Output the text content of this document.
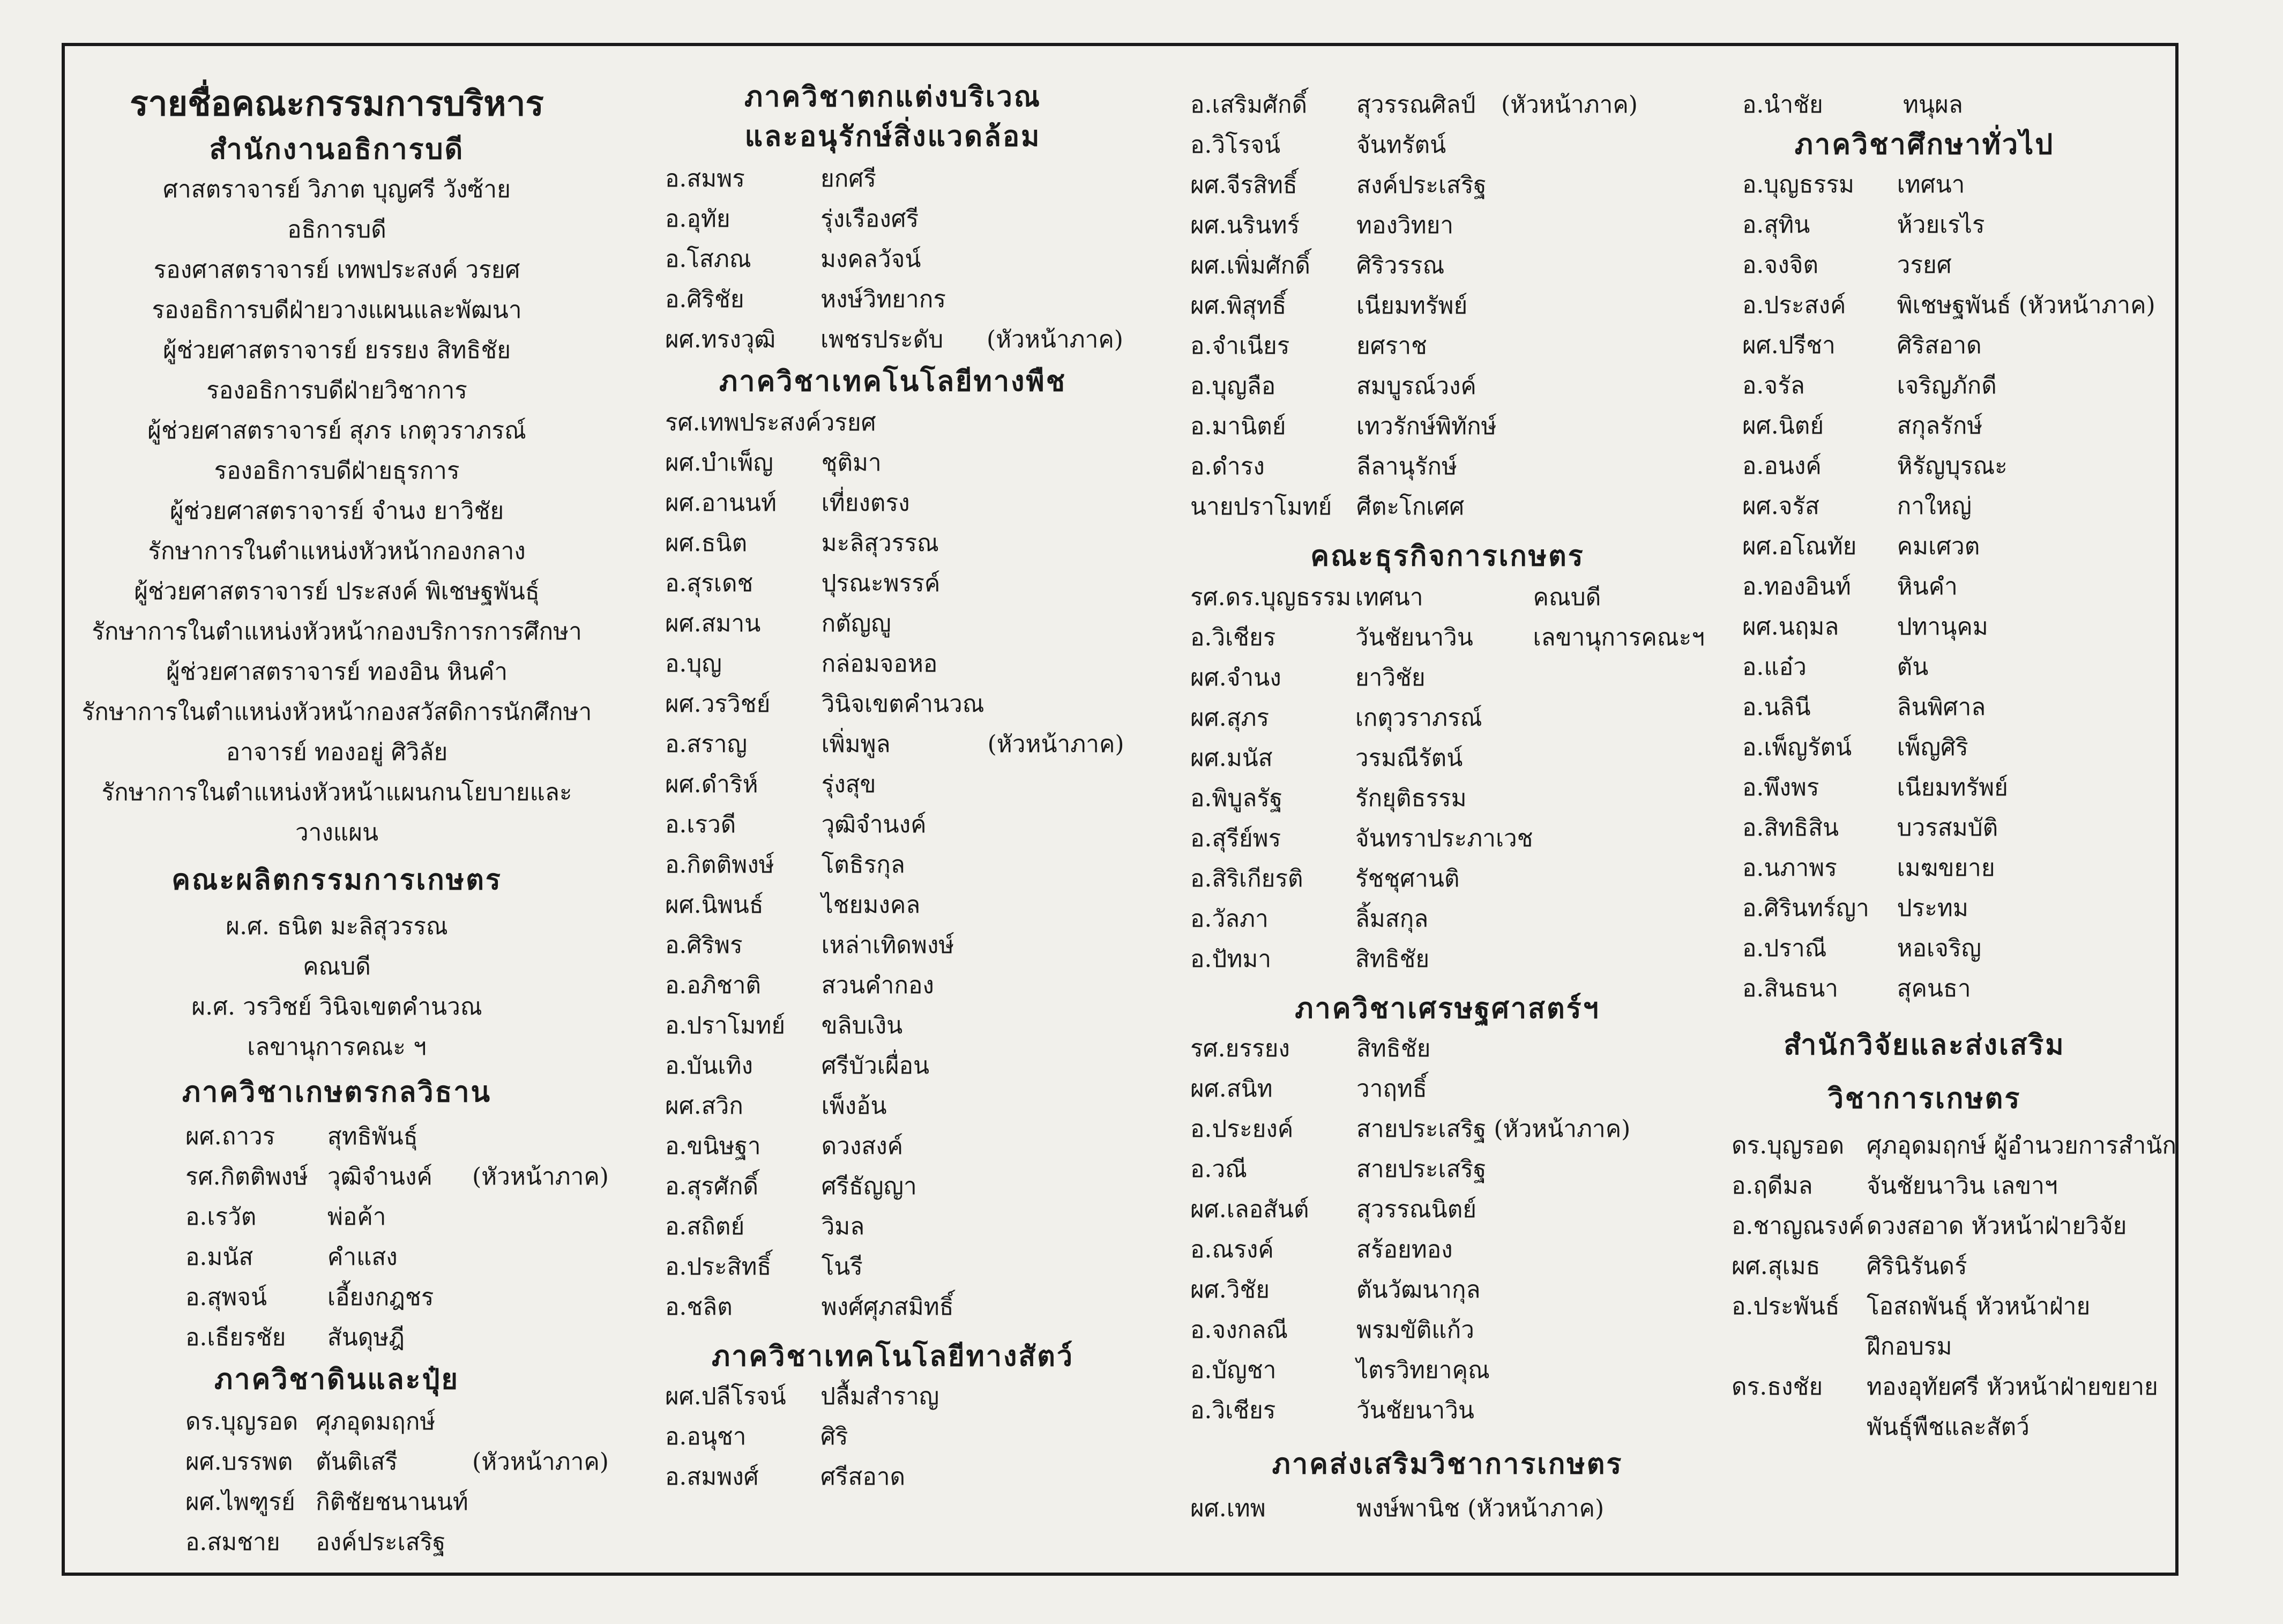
รายชื่อคณะกรรมการบริหาร

สำนักงานอธิการบดี

ศาสตราจารย์ วิภาต บุญศรี วังซ้าย

อธิการบดี

รองศาสตราจารย์ เทพประสงค์ วรยศ

รองอธิการบดีฝ่ายวางแผนและพัฒนา

ผู้ช่วยศาสตราจารย์ ยรรยง สิทธิชัย

รองอธิการบดีฝ่ายวิชาการ

ผู้ช่วยศาสตราจารย์ สุภร เกตุวราภรณ์

รองอธิการบดีฝ่ายธุรการ

ผู้ช่วยศาสตราจารย์ จำนง ยาวิชัย

รักษาการในตำแหน่งหัวหน้ากองกลาง

ผู้ช่วยศาสตราจารย์ ประสงค์ พิเชษฐพันธุ์

รักษาการในตำแหน่งหัวหน้ากองบริการการศึกษา

ผู้ช่วยศาสตราจารย์ ทองอิน หินคำ

รักษาการในตำแหน่งหัวหน้ากองสวัสดิการนักศึกษา

อาจารย์ ทองอยู่ ศิวิลัย

รักษาการในตำแหน่งหัวหน้าแผนกนโยบายและวางแผน

คณะผลิตกรรมการเกษตร

ผ.ศ. ธนิต มะลิสุวรรณ

คณบดี

ผ.ศ. วรวิชย์ วินิจเขตคำนวณ

เลขานุการคณะ ฯ

ภาควิชาเกษตรกลวิธาน

ผศ.ถาวร	สุทธิพันธุ์	
รศ.กิตติพงษ์	วุฒิจำนงค์	(หัวหน้าภาค)
อ.เรวัต	พ่อค้า	
อ.มนัส	คำแสง	
อ.สุพจน์	เอี้ยงกฎชร	
อ.เธียรชัย	สันดุษฎี	

ภาควิชาดินและปุ๋ย

ดร.บุญรอด	ศุภอุดมฤกษ์	
ผศ.บรรพต	ตันติเสรี	(หัวหน้าภาค)
ผศ.ไพฑูรย์	กิติชัยชนานนท์	
อ.สมชาย	องค์ประเสริฐ	

ภาควิชาตกแต่งบริเวณ

และอนุรักษ์สิ่งแวดล้อม

อ.สมพร	ยกศรี	
อ.อุทัย	รุ่งเรืองศรี	
อ.โสภณ	มงคลวัจน์	
อ.ศิริชัย	หงษ์วิทยากร	
ผศ.ทรงวุฒิ	เพชรประดับ	(หัวหน้าภาค)

ภาควิชาเทคโนโลยีทางพืช

รศ.เทพประสงค์	วรยศ	
ผศ.บำเพ็ญ	ชุติมา	
ผศ.อานนท์	เที่ยงตรง	
ผศ.ธนิต	มะลิสุวรรณ	
อ.สุรเดช	ปุรณะพรรค์	
ผศ.สมาน	กตัญญู	
อ.บุญ	กล่อมจอหอ	
ผศ.วรวิชย์	วินิจเขตคำนวณ	
อ.สราญ	เพิ่มพูล	(หัวหน้าภาค)
ผศ.ดำริห์	รุ่งสุข	
อ.เรวดี	วุฒิจำนงค์	
อ.กิตติพงษ์	โตธิรกุล	
ผศ.นิพนธ์	ไชยมงคล	
อ.ศิริพร	เหล่าเทิดพงษ์	
อ.อภิชาติ	สวนคำกอง	
อ.ปราโมทย์	ขลิบเงิน	
อ.บันเทิง	ศรีบัวเผื่อน	
ผศ.สวิก	เพ็งอ้น	
อ.ขนิษฐา	ดวงสงค์	
อ.สุรศักดิ์	ศรีธัญญา	
อ.สถิตย์	วิมล	
อ.ประสิทธิ์	โนรี	
อ.ชลิต	พงศ์ศุภสมิทธิ์	

ภาควิชาเทคโนโลยีทางสัตว์

ผศ.ปลีโรจน์	ปลื้มสำราญ	
อ.อนุชา	ศิริ	
อ.สมพงศ์	ศรีสอาด	
อ.เสริมศักดิ์	สุวรรณศิลป์	(หัวหน้าภาค)
อ.วิโรจน์	จันทรัตน์	
ผศ.จีรสิทธิ์	สงค์ประเสริฐ	
ผศ.นรินทร์	ทองวิทยา	
ผศ.เพิ่มศักดิ์	ศิริวรรณ	
ผศ.พิสุทธิ์	เนียมทรัพย์	
อ.จำเนียร	ยศราช	
อ.บุญลือ	สมบูรณ์วงค์	
อ.มานิตย์	เทวรักษ์พิทักษ์	
อ.ดำรง	ลีลานุรักษ์	
นายปราโมทย์	ศีตะโกเศศ	

คณะธุรกิจการเกษตร

รศ.ดร.บุญธรรม	เทศนา	คณบดี
อ.วิเชียร	วันชัยนาวิน	เลขานุการคณะฯ
ผศ.จำนง	ยาวิชัย	
ผศ.สุภร	เกตุวราภรณ์	
ผศ.มนัส	วรมณีรัตน์	
อ.พิบูลรัฐ	รักยุติธรรม	
อ.สุรีย์พร	จันทราประภาเวช	
อ.สิริเกียรติ	รัชชุศานติ	
อ.วัลภา	ลิ้มสกุล	
อ.ปัทมา	สิทธิชัย	

ภาควิชาเศรษฐศาสตร์ฯ

รศ.ยรรยง	สิทธิชัย	
ผศ.สนิท	วาฤทธิ์	
อ.ประยงค์	สายประเสริฐ (หัวหน้าภาค)	
อ.วณี	สายประเสริฐ	
ผศ.เลอสันต์	สุวรรณนิตย์	
อ.ณรงค์	สร้อยทอง	
ผศ.วิชัย	ตันวัฒนากุล	
อ.จงกลณี	พรมขัติแก้ว	
อ.บัญชา	ไตรวิทยาคุณ	
อ.วิเชียร	วันชัยนาวิน	

ภาคส่งเสริมวิชาการเกษตร

ผศ.เทพ	พงษ์พานิช (หัวหน้าภาค)	
อ.นำชัย	ทนุผล	

ภาควิชาศึกษาทั่วไป

อ.บุญธรรม	เทศนา	
อ.สุทิน	ห้วยเรไร	
อ.จงจิต	วรยศ	
อ.ประสงค์	พิเชษฐพันธ์ (หัวหน้าภาค)	
ผศ.ปรีชา	ศิริสอาด	
อ.จรัล	เจริญภักดี	
ผศ.นิตย์	สกุลรักษ์	
อ.อนงค์	หิรัญบุรณะ	
ผศ.จรัส	กาใหญ่	
ผศ.อโณทัย	คมเศวต	
อ.ทองอินท์	หินคำ	
ผศ.นฤมล	ปทานุคม	
อ.แอ๋ว	ตัน	
อ.นลินี	ลินพิศาล	
อ.เพ็ญรัตน์	เพ็ญศิริ	
อ.พึงพร	เนียมทรัพย์	
อ.สิทธิสิน	บวรสมบัติ	
อ.นภาพร	เมฆขยาย	
อ.ศิรินทร์ญา	ประทม	
อ.ปราณี	หอเจริญ	
อ.สินธนา	สุคนธา	

สำนักวิจัยและส่งเสริม

วิชาการเกษตร

ดร.บุญรอด	ศุภอุดมฤกษ์ ผู้อำนวยการสำนัก
อ.ฤดีมล	จันชัยนาวิน เลขาฯ
อ.ชาญณรงค์	ดวงสอาด หัวหน้าฝ่ายวิจัย
ผศ.สุเมธ	ศิรินิรันดร์
อ.ประพันธ์	โอสถพันธุ์ หัวหน้าฝ่าย
	ฝึกอบรม
ดร.ธงชัย	ทองอุทัยศรี หัวหน้าฝ่ายขยาย
	พันธุ์พืชและสัตว์
